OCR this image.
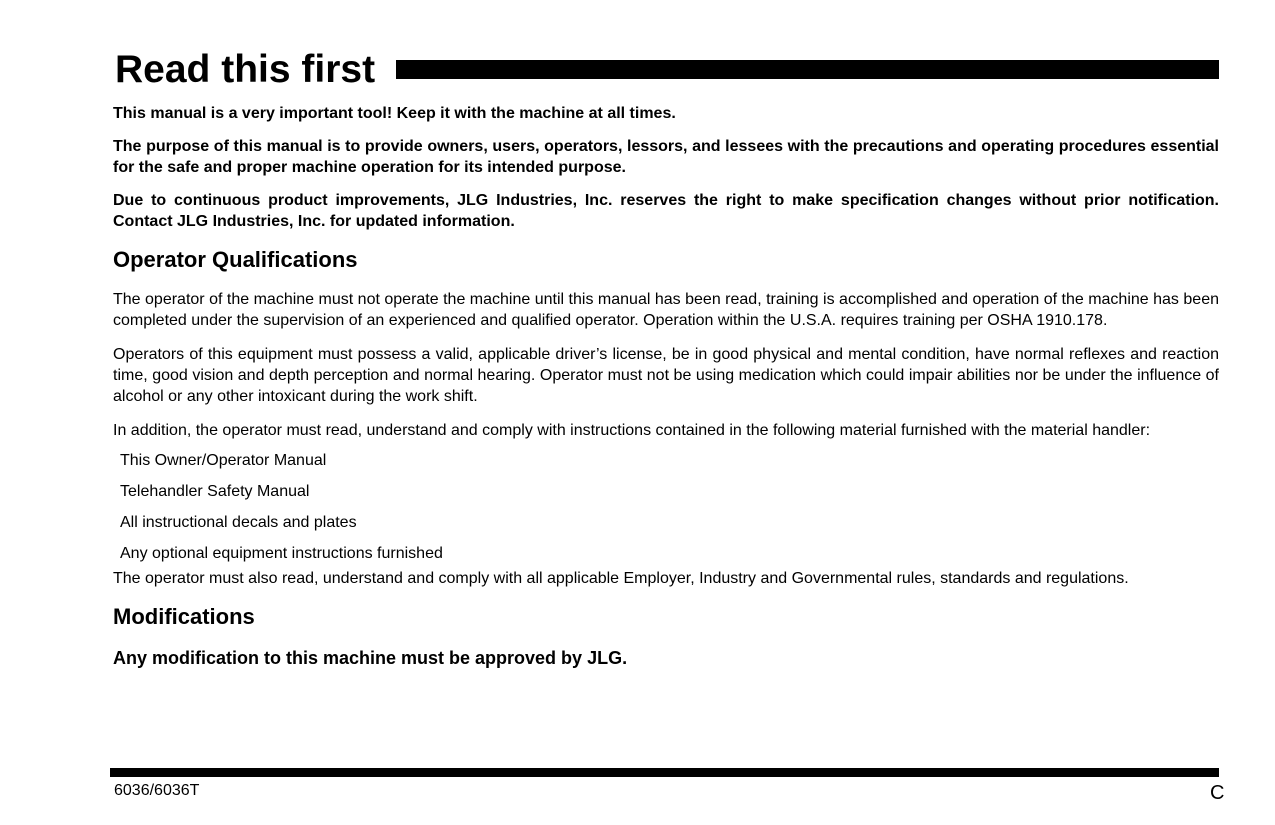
Read this first

This manual is a very important tool! Keep it with the machine at all times.

The purpose of this manual is to provide owners, users, operators, lessors, and lessees with the precautions and operating procedures essential for the safe and proper machine operation for its intended purpose.

Due to continuous product improvements, JLG Industries, Inc. reserves the right to make specification changes without prior notification. Contact JLG Industries, Inc. for updated information.

Operator Qualifications

The operator of the machine must not operate the machine until this manual has been read, training is accomplished and operation of the machine has been completed under the supervision of an experienced and qualified operator. Operation within the U.S.A. requires training per OSHA 1910.178.

Operators of this equipment must possess a valid, applicable driver’s license, be in good physical and mental condition, have normal reflexes and reaction time, good vision and depth perception and normal hearing. Operator must not be using medication which could impair abilities nor be under the influence of alcohol or any other intoxicant during the work shift.

In addition, the operator must read, understand and comply with instructions contained in the following material furnished with the material handler:

This Owner/Operator Manual
Telehandler Safety Manual
All instructional decals and plates
Any optional equipment instructions furnished

The operator must also read, understand and comply with all applicable Employer, Industry and Governmental rules, standards and regulations.

Modifications

Any modification to this machine must be approved by JLG.

6036/6036T	C
